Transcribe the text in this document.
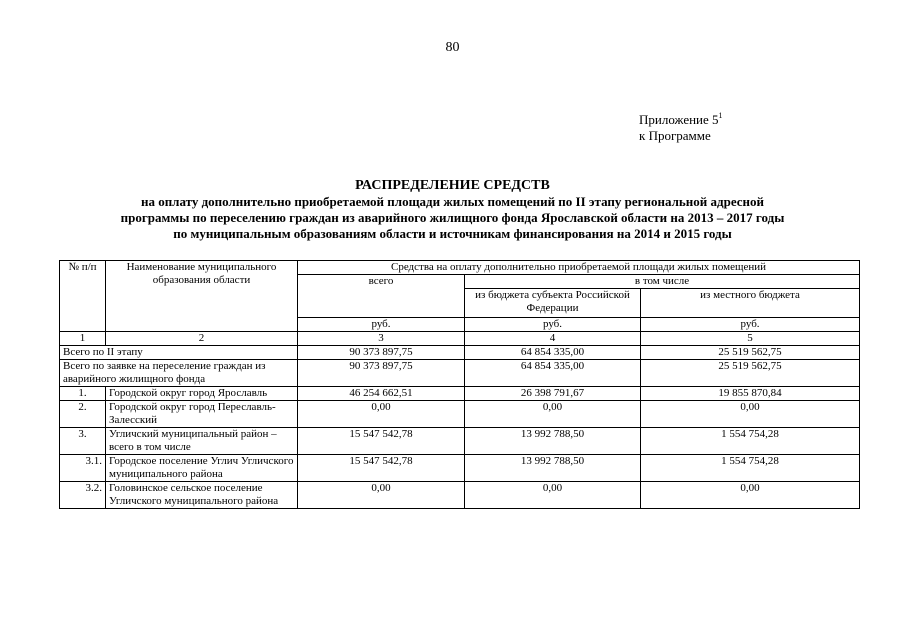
80
Приложение $5^1$
к Программе
РАСПРЕДЕЛЕНИЕ СРЕДСТВ
на оплату дополнительно приобретаемой площади жилых помещений по II этапу региональной адресной
программы по переселению граждан из аварийного жилищного фонда Ярославской области на 2013 – 2017 годы
по муниципальным образованиям области и источникам финансирования на 2014 и 2015 годы
№ п/п	Наименование муниципального образования области	Средства на оплату дополнительно приобретаемой площади жилых помещений		
		всего	в том числе	
			из бюджета субъекта Российской Федерации	из местного бюджета
		руб.	руб.	руб.
1	2	3	4	5
Всего по II этапу		90 373 897,75	64 854 335,00	25 519 562,75
Всего по заявке на переселение граждан из аварийного жилищного фонда		90 373 897,75	64 854 335,00	25 519 562,75
1.	Городской округ город Ярославль	46 254 662,51	26 398 791,67	19 855 870,84
2.	Городской округ город Переславль-Залесский	0,00	0,00	0,00
3.	Угличский муниципальный район – всего в том числе	15 547 542,78	13 992 788,50	1 554 754,28
3.1.	Городское поселение Углич Угличского муниципального района	15 547 542,78	13 992 788,50	1 554 754,28
3.2.	Головинское сельское поселение Угличского муниципального района	0,00	0,00	0,00
